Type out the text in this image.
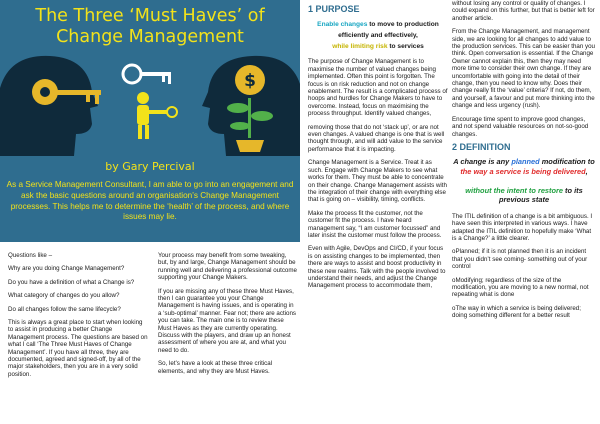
The Three ‘Must Haves’ of
Change Management
$
by Gary Percival
As a Service Management Consultant, I am able to go into an engagement and ask the basic questions around an organisation’s Change Management processes. This helps me to determine the ‘health’ of the process, and where issues may lie.

Questions like –

Why are you doing Change Management?

Do you have a definition of what a Change is?

What category of changes do you allow?

Do all changes follow the same lifecycle?

This is always a great place to start when looking to assist in producing a better Change Management process. The questions are based on what I call ‘The Three Must Haves of Change Management’. If you have all three, they are documented, agreed and signed-off, by all of the major stakeholders, then you are in a very solid position.

Your process may benefit from some tweaking, but, by and large, Change Management should be running well and delivering a professional outcome supporting your Change Makers.

If you are missing any of these three Must Haves, then I can guarantee you your Change Management is having issues, and is operating in a ‘sub-optimal’ manner. Fear not; there are actions you can take. The main one is to review these Must Haves as they are currently operating. Discuss with the players, and draw up an honest assessment of where you are at, and what you need to do.

So, let’s have a look at these three critical elements, and why they are Must Haves.

1 PURPOSE
Enable changes to move to production
efficiently and effectively,
while limiting risk to services

The purpose of Change Management is to maximise the number of valued changes being implemented. Often this point is forgotten. The focus is on risk reduction and not on change enablement. The result is a complicated process of hoops and hurdles for Change Makers to have to overcome. Instead, focus on maximising the process throughput. Identify valued changes,

removing those that do not ‘stack up’, or are not even changes. A valued change is one that is well thought through, and will add value to the service performance that it is impacting.

Change Management is a Service. Treat it as such. Engage with Change Makers to see what works for them. They must be able to concentrate on their change. Change Management assists with the integration of their change with everything else that is going on – visibility, timing, conflicts.

Make the process fit the customer, not the customer fit the process. I have heard management say, “I am customer focussed” and later insist the customer must follow the process.

Even with Agile, DevOps and CI/CD, if your focus is on assisting changes to be implemented, then there are ways to assist and boost productivity in these new realms. Talk with the people involved to understand their needs, and adjust the Change Management process to accommodate them,

without losing any control or quality of changes. I could expand on this further, but that is better left for another article.

From the Change Management, and management side, we are looking for all changes to add value to the production services. This can be easier than you think. Open conversation is essential. If the Change Owner cannot explain this, then they may need more time to consider their own change. If they are uncomfortable with going into the detail of their change, then you need to know why. Does their change really fit the ‘value’ criteria? If not, do them, and yourself, a favour and put more thinking into the change and less urgency (rush).

Encourage time spent to improve good changes, and not spend valuable resources on not-so-good changes.

2 DEFINITION
A change is any planned modification to the way a service is being delivered,

without the intent to restore to its previous state

The ITIL definition of a change is a bit ambiguous. I have seen this interpreted in various ways. I have adapted the ITIL definition to hopefully make ‘What is a Change?’ a little clearer.

oPlanned; if it is not planned then it is an incident that you didn’t see coming- something out of your control

oModifying; regardless of the size of the modification, you are moving to a new normal, not repeating what is done

oThe way in which a service is being delivered; doing something different for a better result
